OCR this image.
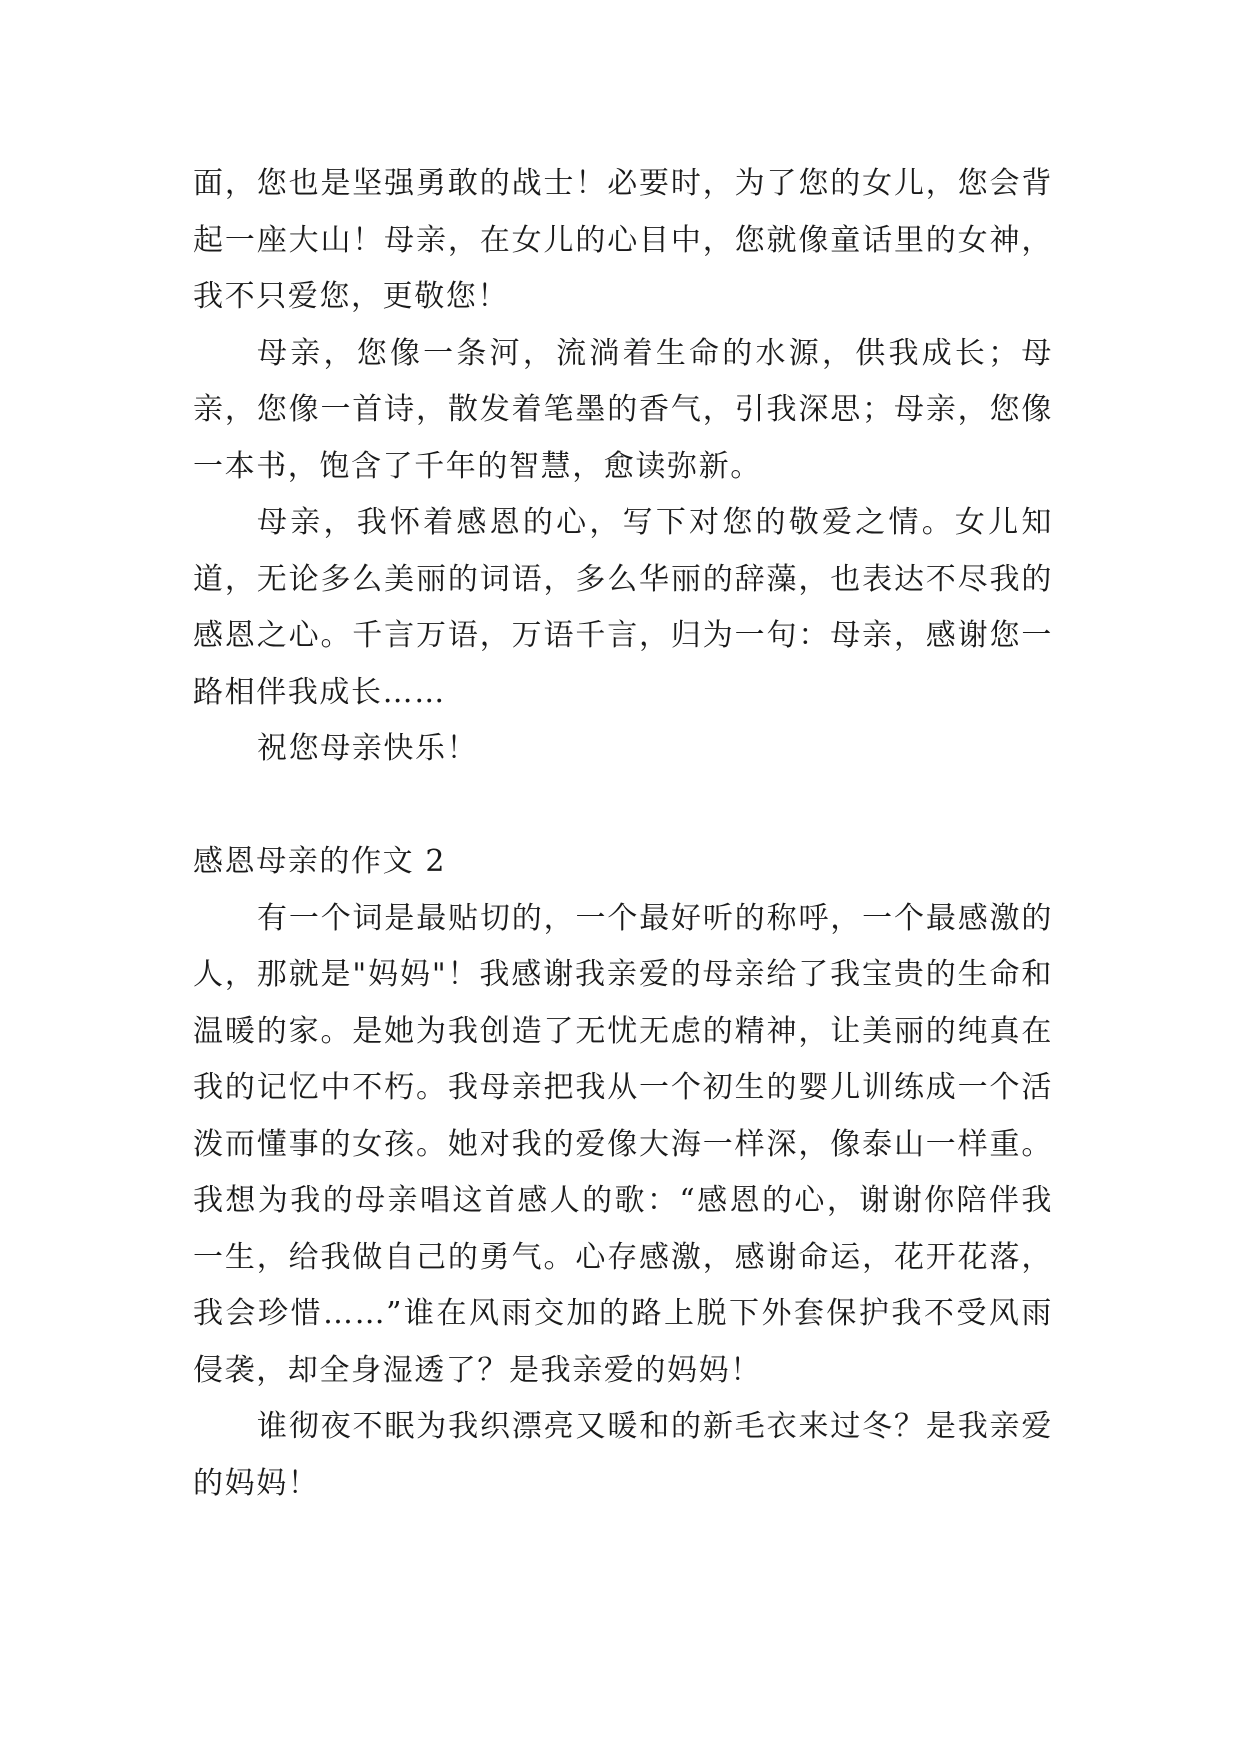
面，您也是坚强勇敢的战士！必要时，为了您的女儿，您会背起一座大山！母亲，在女儿的心目中，您就像童话里的女神，我不只爱您，更敬您！

母亲，您像一条河，流淌着生命的水源，供我成长；母亲，您像一首诗，散发着笔墨的香气，引我深思；母亲，您像一本书，饱含了千年的智慧，愈读弥新。

母亲，我怀着感恩的心，写下对您的敬爱之情。女儿知道，无论多么美丽的词语，多么华丽的辞藻，也表达不尽我的感恩之心。千言万语，万语千言，归为一句：母亲，感谢您一路相伴我成长……

祝您母亲快乐！

感恩母亲的作文 2

有一个词是最贴切的，一个最好听的称呼，一个最感激的人，那就是"妈妈"！我感谢我亲爱的母亲给了我宝贵的生命和温暖的家。是她为我创造了无忧无虑的精神，让美丽的纯真在我的记忆中不朽。我母亲把我从一个初生的婴儿训练成一个活泼而懂事的女孩。她对我的爱像大海一样深，像泰山一样重。我想为我的母亲唱这首感人的歌：“感恩的心，谢谢你陪伴我一生，给我做自己的勇气。心存感激，感谢命运，花开花落，我会珍惜……”谁在风雨交加的路上脱下外套保护我不受风雨侵袭，却全身湿透了？是我亲爱的妈妈！

谁彻夜不眠为我织漂亮又暖和的新毛衣来过冬？是我亲爱的妈妈！
